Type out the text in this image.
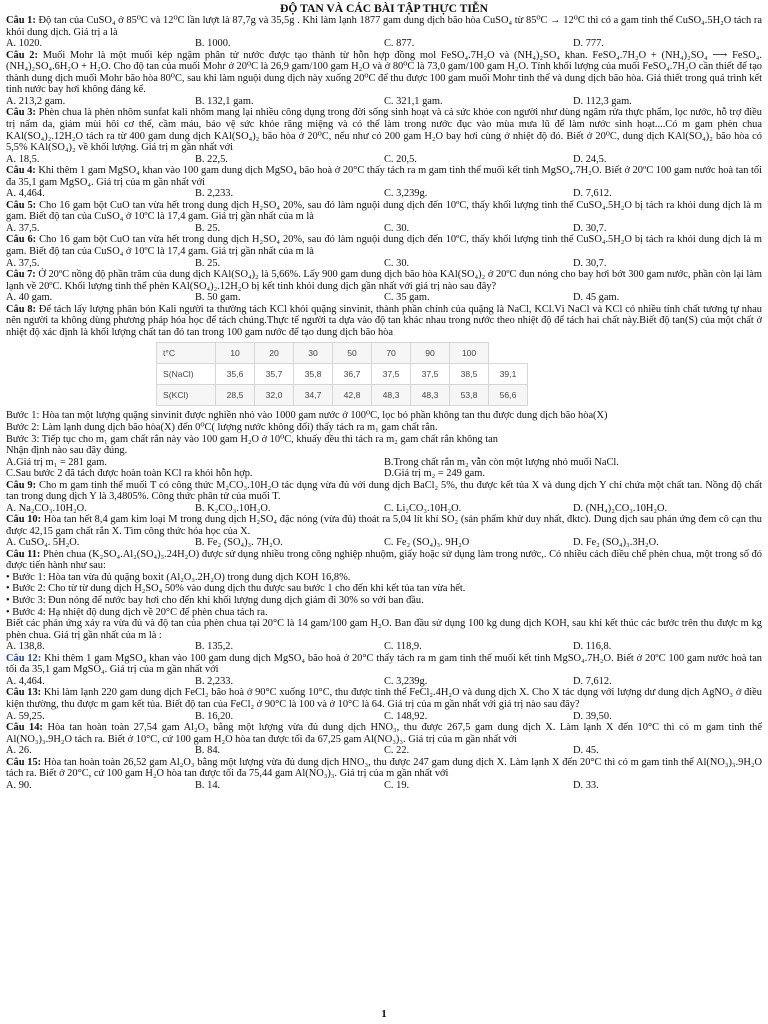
ĐỘ TAN VÀ CÁC BÀI TẬP THỰC TIỄN

Câu 1: Độ tan của CuSO₄ ở 85⁰C và 12⁰C lần lượt là 87,7g và 35,5g . Khi làm lạnh 1877 gam dung dịch bão hòa CuSO₄ từ 85⁰C → 12⁰C thì có a gam tinh thể CuSO₄.5H₂O tách ra khỏi dung dịch. Giá trị a là

A. 1020.	B. 1000.	C. 877.	D. 777.

Câu 2: Muối Mohr là một muối kép ngậm phân tử nước được tạo thành từ hỗn hợp đồng mol FeSO₄.7H₂O và (NH₄)₂SO₄ khan. FeSO₄.7H₂O + (NH₄)₂SO₄ ⟶ FeSO₄.(NH₄)₂SO₄.6H₂O + H₂O. Cho độ tan của muối Mohr ở 20⁰C là 26,9 gam/100 gam H₂O và ở 80⁰C là 73,0 gam/100 gam H₂O. Tính khối lượng của muối FeSO₄.7H₂O cần thiết để tạo thành dung dịch muối Mohr bão hòa 80⁰C, sau khi làm nguội dung dịch này xuống 20⁰C để thu được 100 gam muối Mohr tinh thể và dung dịch bão hòa. Giả thiết trong quá trình kết tinh nước bay hơi không đáng kể.

A. 213,2 gam.	B. 132,1 gam.	C. 321,1 gam.	D. 112,3 gam.

Câu 3: Phèn chua là phèn nhôm sunfat kali nhôm mang lại nhiều công dụng trong đời sống sinh hoạt và cả sức khỏe con người như dùng ngâm rửa thực phẩm, lọc nước, hỗ trợ điều trị nấm da, giảm mùi hôi cơ thể, cầm máu, bảo vệ sức khỏe răng miệng và có thể làm trong nước đục vào mùa mưa lũ để làm nước sinh hoạt....Có m gam phèn chua KAl(SO₄)₂.12H₂O tách ra từ 400 gam dung dịch KAl(SO₄)₂ bão hòa ở 20⁰C, nếu như có 200 gam H₂O bay hơi cùng ở nhiệt độ đó. Biết ở 20⁰C, dung dịch KAl(SO₄)₂ bão hòa có 5,5% KAl(SO₄)₂ về khối lượng. Giá trị m gần nhất với

A. 18,5.	B. 22,5.	C. 20,5.	D. 24,5.

Câu 4: Khi thêm 1 gam MgSO₄ khan vào 100 gam dung dịch MgSO₄ bão hoà ở 20°C thấy tách ra m gam tinh thể muối kết tinh MgSO₄.7H₂O. Biết ở 20ºC 100 gam nước hoà tan tối đa 35,1 gam MgSO₄. Giá trị của m gần nhất với

A. 4,464.	B. 2,233.	C. 3,239g.	D. 7,612.

Câu 5: Cho 16 gam bột CuO tan vừa hết trong dung dịch H₂SO₄ 20%, sau đó làm nguội dung dịch đến 10ºC, thấy khối lượng tinh thể CuSO₄.5H₂O bị tách ra khỏi dung dịch là m gam. Biết độ tan của CuSO₄ ở 10ºC là 17,4 gam. Giá trị gần nhất của m là

A. 37,5.	B. 25.	C. 30.	D. 30,7.

Câu 6: Cho 16 gam bột CuO tan vừa hết trong dung dịch H₂SO₄ 20%, sau đó làm nguội dung dịch đến 10ºC, thấy khối lượng tinh thể CuSO₄.5H₂O bị tách ra khỏi dung dịch là m gam. Biết độ tan của CuSO₄ ở 10ºC là 17,4 gam. Giá trị gần nhất của m là

A. 37,5.	B. 25.	C. 30.	D. 30,7.

Câu 7: Ở 20ºC nồng độ phần trăm của dung dịch KAl(SO₄)₂ là 5,66%. Lấy 900 gam dung dịch bão hòa KAl(SO₄)₂ ở 20ºC đun nóng cho bay hơi bớt 300 gam nước, phần còn lại làm lạnh về 20ºC. Khối lượng tinh thể phèn KAl(SO₄)₂.12H₂O bị kết tinh khỏi dung dịch gần nhất với giá trị nào sau đây?

A. 40 gam.	B. 50 gam.	C. 35 gam.	D. 45 gam.

Câu 8: Để tách lấy lượng phân bón Kali người ta thường tách KCl khỏi quặng sinvinit, thành phần chính của quặng là NaCl, KCl.Vì NaCl và KCl có nhiều tính chất tương tự nhau nên người ta không dùng phương pháp hóa học để tách chúng.Thực tế người ta dựa vào độ tan khác nhau trong nước theo nhiệt độ để tách hai chất này.Biết độ tan(S) của một chất ở nhiệt độ xác định là khối lượng chất tan đó tan trong 100 gam nước để tạo dung dịch bão hòa

t°C	10	20	30	50	70	90	100	
S(NaCl)	35,6	35,7	35,8	36,7	37,5	37,5	38,5	39,1
S(KCl)	28,5	32,0	34,7	42,8	48,3	48,3	53,8	56,6

Bước 1: Hòa tan một lượng quặng sinvinit được nghiền nhỏ vào 1000 gam nước ở 100⁰C, lọc bỏ phần không tan thu được dung dịch bão hòa(X)

Bước 2: Làm lạnh dung dịch bão hòa(X) đến 0⁰C( lượng nước không đổi) thấy tách ra m₁ gam chất rắn.

Bước 3: Tiếp tục cho m₁ gam chất rắn này vào 100 gam H₂O ở 10⁰C, khuấy đều thì tách ra m₂ gam chất rắn không tan

Nhận định nào sau đây đúng.

A.Giá trị m₁ = 281 gam.	B.Trong chất rắn m₂ vẫn còn một lượng nhỏ muối NaCl.
C.Sau bước 2 đã tách được hoàn toàn KCl ra khỏi hỗn hợp.	D.Giá trị m₂ = 249 gam.

Câu 9: Cho m gam tinh thể muối T có công thức M₂CO₃.10H₂O tác dụng vừa đủ với dung dịch BaCl₂ 5%, thu được kết tủa X và dung dịch Y chỉ chứa một chất tan. Nồng độ chất tan trong dung dịch Y là 3,4805%. Công thức phân tử của muối T.

A. Na₂CO₃.10H₂O.	B. K₂CO₃.10H₂O.	C. Li₂CO₃.10H₂O.	D. (NH₄)₂CO₃.10H₂O.

Câu 10: Hòa tan hết 8,4 gam kim loại M trong dung dịch H₂SO₄ đặc nóng (vừa đủ) thoát ra 5,04 lít khí SO₂ (sản phẩm khử duy nhất, đktc). Dung dịch sau phản ứng đem cô cạn thu được 42,15 gam chất rắn X. Tìm công thức hóa học của X.

A. CuSO₄. 5H₂O.	B. Fe₂ (SO₄)₃. 7H₂O.	C. Fe₂ (SO₄)₃. 9H₂O	D. Fe₂ (SO₄)₃.3H₂O.

Câu 11: Phèn chua (K₂SO₄.Al₂(SO₄)₃.24H₂O) được sử dụng nhiều trong công nghiệp nhuộm, giấy hoặc sử dụng làm trong nước,. Có nhiều cách điều chế phèn chua, một trong số đó được tiến hành như sau:

• Bước 1: Hòa tan vừa đủ quặng boxit (Al₂O₃.2H₂O) trong dung dịch KOH 16,8%.

• Bước 2: Cho từ từ dung dịch H₂SO₄ 50% vào dung dịch thu được sau bước 1 cho đến khi kết tủa tan vừa hết.

• Bước 3: Đun nóng để nước bay hơi cho đến khi khối lượng dung dịch giảm đi 30% so với ban đầu.

• Bước 4: Hạ nhiệt độ dung dịch về 20°C để phèn chua tách ra.

Biết các phản ứng xảy ra vừa đủ và độ tan của phèn chua tại 20°C là 14 gam/100 gam H₂O. Ban đầu sử dụng 100 kg dung dịch KOH, sau khi kết thúc các bước trên thu được m kg phèn chua. Giá trị gần nhất của m là :

A. 138,8.	B. 135,2.	C. 118,9.	D. 116,8.

Câu 12: Khi thêm 1 gam MgSO₄ khan vào 100 gam dung dịch MgSO₄ bão hoà ở 20°C thấy tách ra m gam tinh thể muối kết tinh MgSO₄.7H₂O. Biết ở 20ºC 100 gam nước hoà tan tối đa 35,1 gam MgSO₄. Giá trị của m gần nhất với

A. 4,464.	B. 2,233.	C. 3,239g.	D. 7,612.

Câu 13: Khi làm lạnh 220 gam dung dịch FeCl₂ bão hoà ở 90°C xuống 10°C, thu được tinh thể FeCl₂.4H₂O và dung dịch X. Cho X tác dụng với lượng dư dung dịch AgNO₃ ở điều kiện thường, thu được m gam kết tủa. Biết độ tan của FeCl₂ ở 90°C là 100 và ở 10°C là 64. Giá trị của m gần nhất với giá trị nào sau đây?

A. 59,25.	B. 16,20.	C. 148,92.	D. 39,50.

Câu 14: Hòa tan hoàn toàn 27,54 gam Al₂O₃ bằng một lượng vừa đủ dung dịch HNO₃, thu được 267,5 gam dung dịch X. Làm lạnh X đến 10°C thì có m gam tinh thể Al(NO₃)₃.9H₂O tách ra. Biết ở 10°C, cứ 100 gam H₂O hòa tan được tối đa 67,25 gam Al(NO₃)₃. Giá trị của m gần nhất với

A. 26.	B. 84.	C. 22.	D. 45.

Câu 15: Hòa tan hoàn toàn 26,52 gam Al₂O₃ bằng một lượng vừa đủ dung dịch HNO₃, thu được 247 gam dung dịch X. Làm lạnh X đến 20°C thì có m gam tinh thể Al(NO₃)₃.9H₂O tách ra. Biết ở 20°C, cứ 100 gam H₂O hòa tan được tối đa 75,44 gam Al(NO₃)₃. Giá trị của m gần nhất với

A. 90.	B. 14.	C. 19.	D. 33.
1
